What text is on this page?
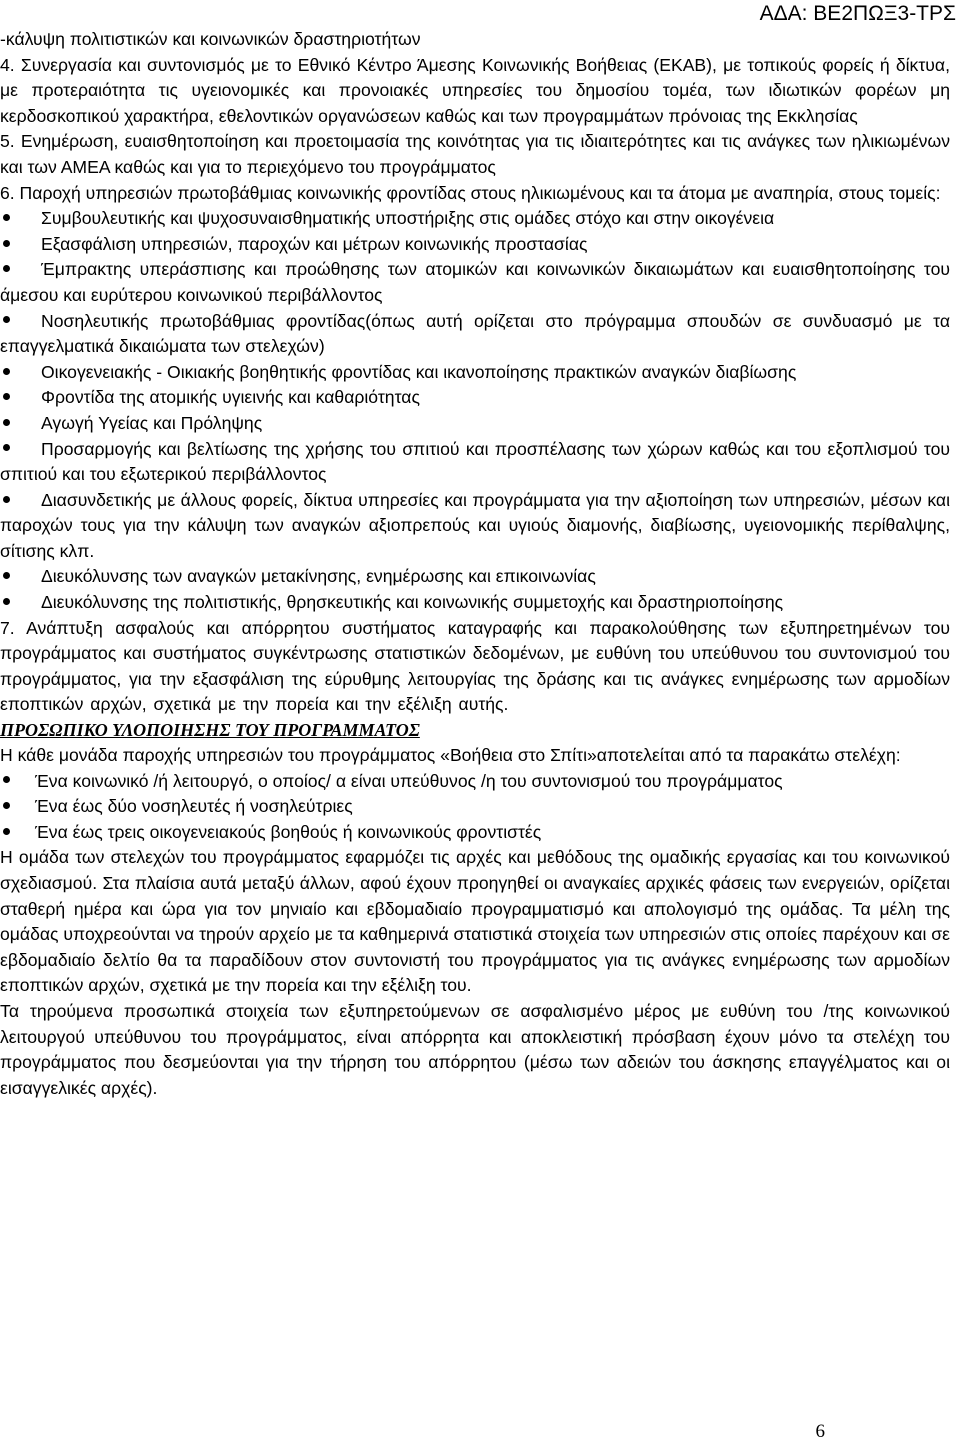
ΑΔΑ: ΒΕ2ΠΩΞ3-ΤΡΣ

-κάλυψη πολιτιστικών και κοινωνικών δραστηριοτήτων

4. Συνεργασία και συντονισμός με το Εθνικό Κέντρο Άμεσης Κοινωνικής Βοήθειας (ΕΚΑΒ), με τοπικούς φορείς ή δίκτυα, με προτεραιότητα τις υγειονομικές και προνοιακές υπηρεσίες του δημοσίου τομέα, των ιδιωτικών φορέων μη κερδοσκοπικού χαρακτήρα, εθελοντικών οργανώσεων καθώς και των προγραμμάτων πρόνοιας της Εκκλησίας

5. Ενημέρωση, ευαισθητοποίηση και προετοιμασία της κοινότητας για τις ιδιαιτερότητες και τις ανάγκες των ηλικιωμένων και των ΑΜΕΑ καθώς και για το περιεχόμενο του προγράμματος

6. Παροχή υπηρεσιών πρωτοβάθμιας κοινωνικής φροντίδας στους ηλικιωμένους και τα άτομα με αναπηρία, στους τομείς:

Συμβουλευτικής και ψυχοσυναισθηματικής υποστήριξης στις ομάδες στόχο και στην οικογένεια
Εξασφάλιση υπηρεσιών, παροχών και μέτρων κοινωνικής προστασίας
Έμπρακτης υπεράσπισης και προώθησης των ατομικών και κοινωνικών δικαιωμάτων και ευαισθητοποίησης του άμεσου και ευρύτερου κοινωνικού περιβάλλοντος
Νοσηλευτικής πρωτοβάθμιας φροντίδας(όπως αυτή ορίζεται στο πρόγραμμα σπουδών σε συνδυασμό με τα επαγγελματικά δικαιώματα των στελεχών)
Οικογενειακής - Οικιακής βοηθητικής φροντίδας και ικανοποίησης πρακτικών αναγκών διαβίωσης
Φροντίδα της ατομικής υγιεινής και καθαριότητας
Αγωγή Υγείας και Πρόληψης
Προσαρμογής και βελτίωσης της χρήσης του σπιτιού και προσπέλασης των χώρων καθώς και του εξοπλισμού του σπιτιού και του εξωτερικού περιβάλλοντος
Διασυνδετικής με άλλους φορείς, δίκτυα υπηρεσίες και προγράμματα για την αξιοποίηση των υπηρεσιών, μέσων και παροχών τους για την κάλυψη των αναγκών αξιοπρεπούς και υγιούς διαμονής, διαβίωσης, υγειονομικής περίθαλψης, σίτισης κλπ.
Διευκόλυνσης των αναγκών μετακίνησης, ενημέρωσης και επικοινωνίας
Διευκόλυνσης της πολιτιστικής, θρησκευτικής και κοινωνικής συμμετοχής και δραστηριοποίησης

7. Ανάπτυξη ασφαλούς και απόρρητου συστήματος καταγραφής και παρακολούθησης των εξυπηρετημένων του προγράμματος και συστήματος συγκέντρωσης στατιστικών δεδομένων, με ευθύνη του υπεύθυνου του συντονισμού του προγράμματος, για την εξασφάλιση της εύρυθμης λειτουργίας της δράσης και τις ανάγκες ενημέρωσης των αρμοδίων εποπτικών αρχών, σχετικά με την πορεία και την εξέλιξη αυτής.

ΠΡΟΣΩΠΙΚΟ ΥΛΟΠΟΙΗΣΗΣ ΤΟΥ ΠΡΟΓΡΑΜΜΑΤΟΣ

Η κάθε μονάδα παροχής υπηρεσιών του προγράμματος «Βοήθεια στο Σπίτι»αποτελείται από τα παρακάτω στελέχη:

Ένα κοινωνικό /ή λειτουργό, ο οποίος/ α είναι υπεύθυνος /η του συντονισμού του προγράμματος
Ένα έως δύο νοσηλευτές ή νοσηλεύτριες
Ένα έως τρεις οικογενειακούς βοηθούς ή κοινωνικούς φροντιστές

Η ομάδα των στελεχών του προγράμματος εφαρμόζει τις αρχές και μεθόδους της ομαδικής εργασίας και του κοινωνικού σχεδιασμού. Στα πλαίσια αυτά μεταξύ άλλων, αφού έχουν προηγηθεί οι αναγκαίες αρχικές φάσεις των ενεργειών, ορίζεται σταθερή ημέρα και ώρα για τον μηνιαίο και εβδομαδιαίο προγραμματισμό και απολογισμό της ομάδας. Τα μέλη της ομάδας υποχρεούνται να τηρούν αρχείο με τα καθημερινά στατιστικά στοιχεία των υπηρεσιών στις οποίες παρέχουν και σε εβδομαδιαίο δελτίο θα τα παραδίδουν στον συντονιστή του προγράμματος για τις ανάγκες ενημέρωσης των αρμοδίων εποπτικών αρχών, σχετικά με την πορεία και την εξέλιξη του.

Τα τηρούμενα προσωπικά στοιχεία των εξυπηρετούμενων σε ασφαλισμένο μέρος με ευθύνη του /της κοινωνικού λειτουργού υπεύθυνου του προγράμματος, είναι απόρρητα και αποκλειστική πρόσβαση έχουν μόνο τα στελέχη του προγράμματος που δεσμεύονται για την τήρηση του απόρρητου (μέσω των αδειών του άσκησης επαγγέλματος και οι εισαγγελικές αρχές).

6
